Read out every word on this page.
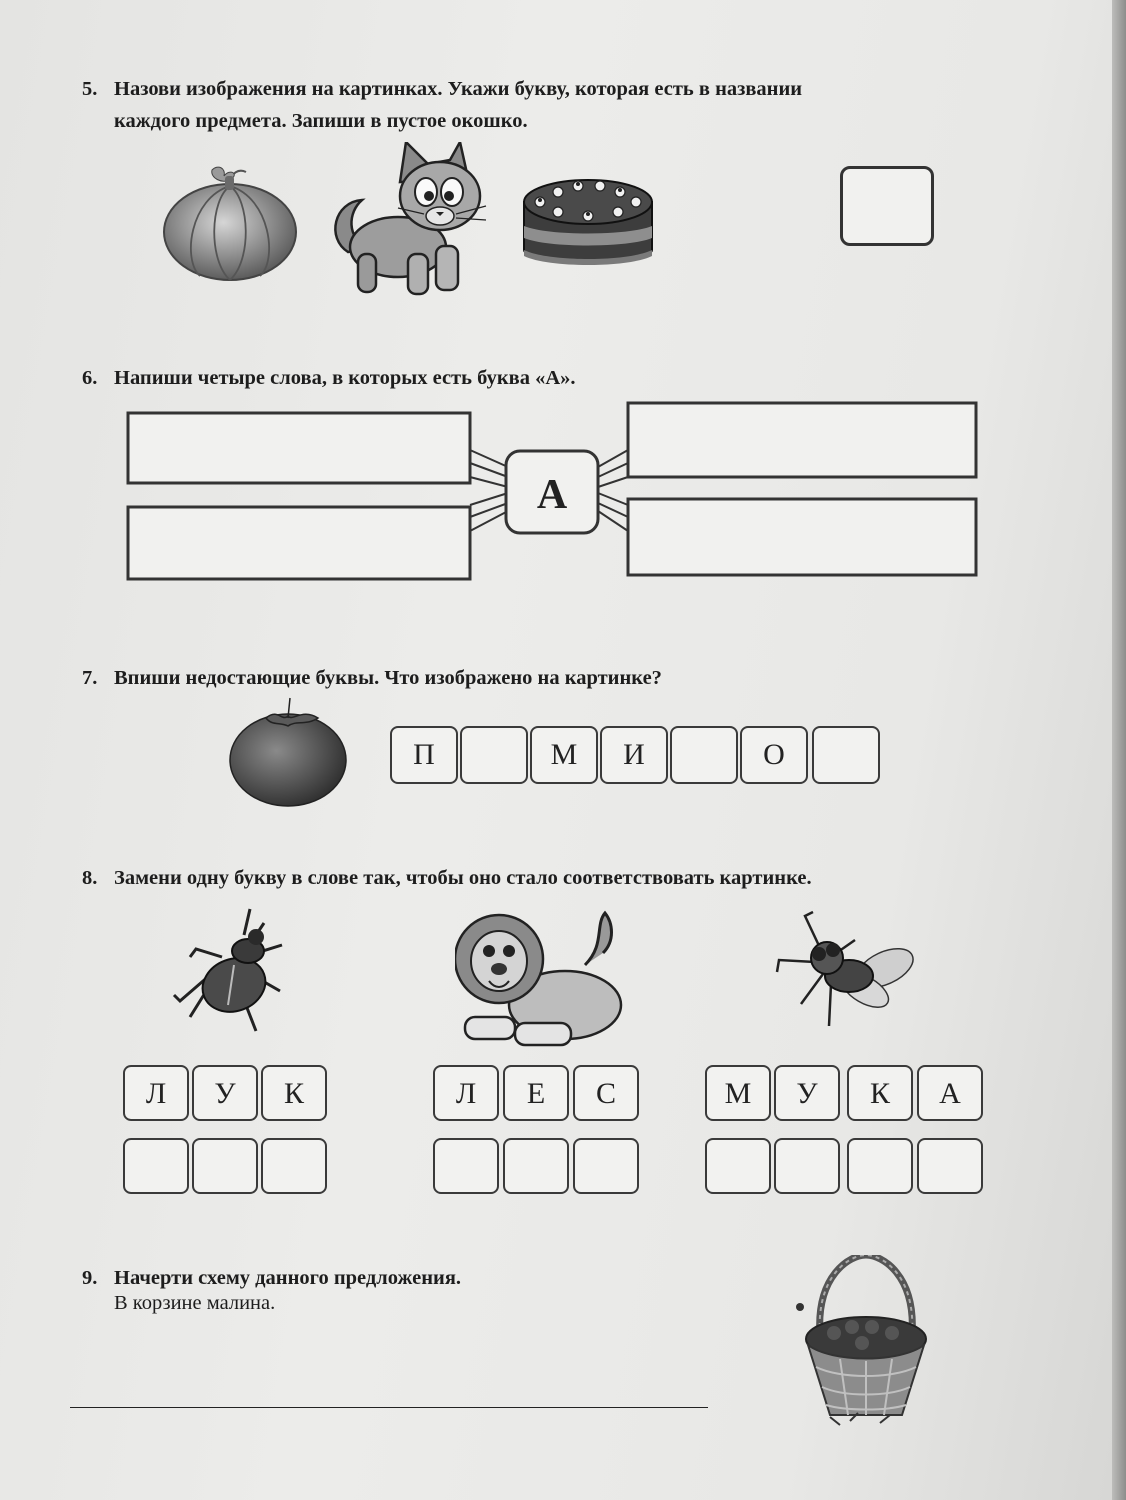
5. Назови изображения на картинках. Укажи букву, которая есть в названии
каждого предмета. Запиши в пустое окошко.
6. Напиши четыре слова, в которых есть буква «А».
А
7. Впиши недостающие буквы. Что изображено на картинке?
П	М	И	О
8. Замени одну букву в слове так, чтобы оно стало соответствовать картинке.
Л	У	К	Л	Е	С	М	У	К	А
9. Начерти схему данного предложения.
В корзине малина.
